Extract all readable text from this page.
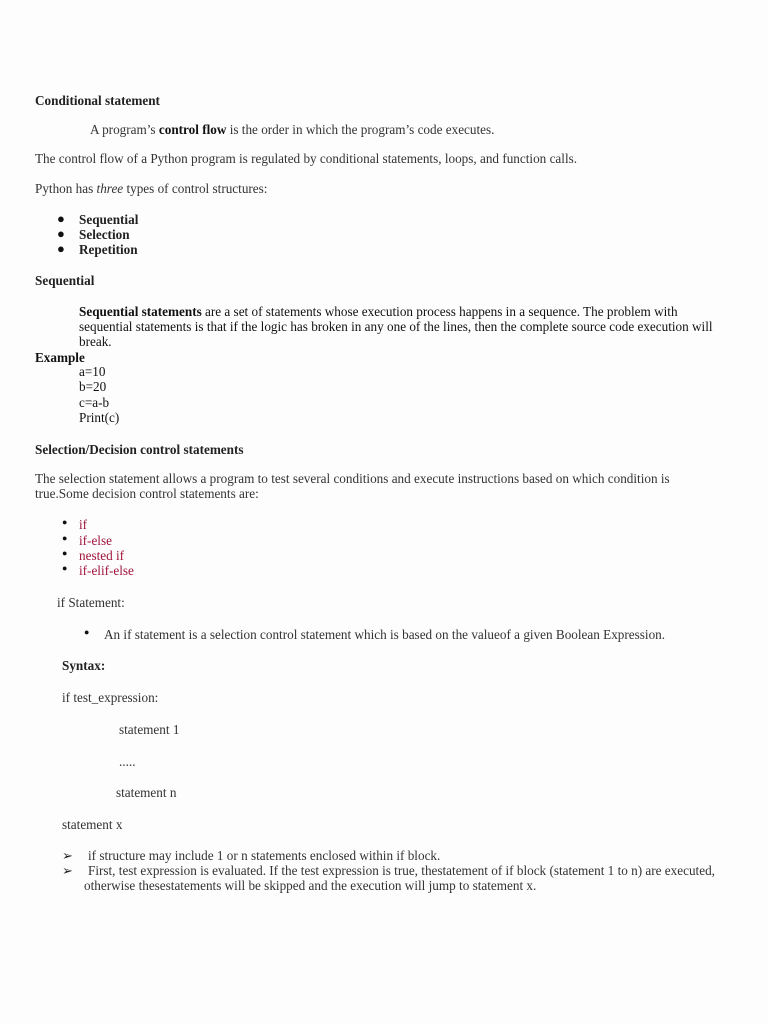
Conditional statement
A program’s control flow is the order in which the program’s code executes.
The control flow of a Python program is regulated by conditional statements, loops, and function calls.
Python has three types of control structures:
● Sequential
● Selection
● Repetition
Sequential
Sequential statements are a set of statements whose execution process happens in a sequence. The problem with sequential statements is that if the logic has broken in any one of the lines, then the complete source code execution will break.
Example
a=10
b=20
c=a-b
Print(c)
Selection/Decision control statements
The selection statement allows a program to test several conditions and execute instructions based on which condition is true.Some decision control statements are:
● if
● if-else
● nested if
● if-elif-else
if Statement:
● An if statement is a selection control statement which is based on the valueof a given Boolean Expression.
Syntax:
if test_expression:
statement 1
.....
statement n
statement x
➢ if structure may include 1 or n statements enclosed within if block.
➢	First, test expression is evaluated. If the test expression is true, thestatement of if block (statement 1 to n) are executed, otherwise thesestatements will be skipped and the execution will jump to statement x.
